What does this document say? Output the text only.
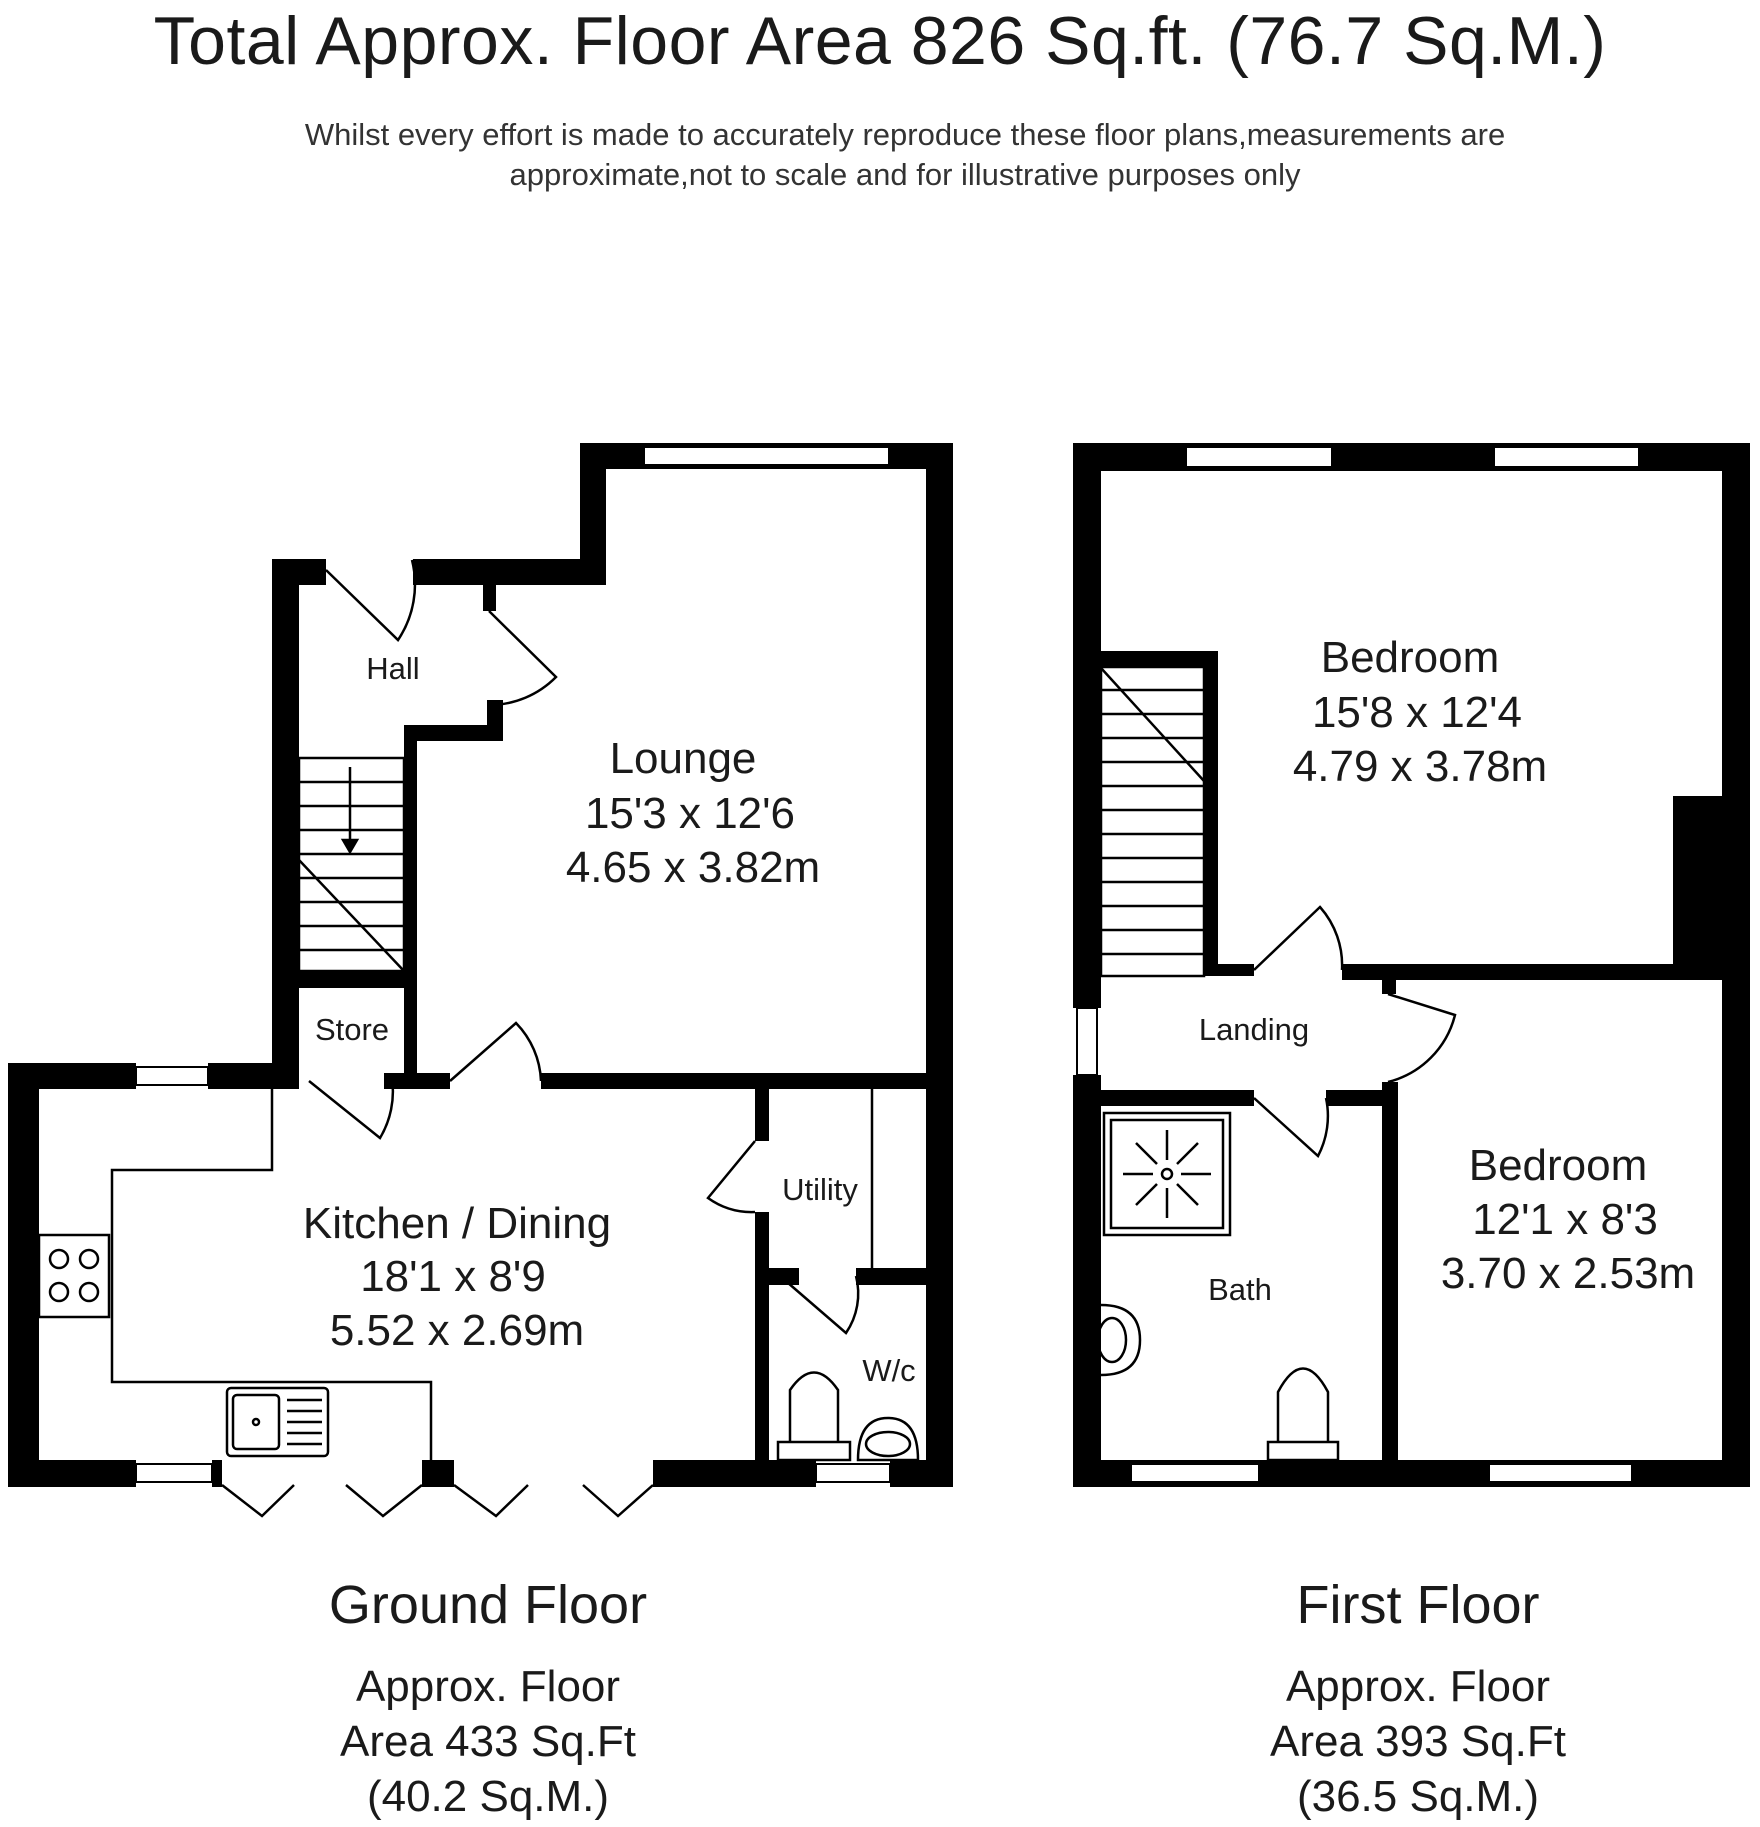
Total Approx. Floor Area 826 Sq.ft. (76.7 Sq.M.)
Whilst every effort is made to accurately reproduce these floor plans,measurements are
approximate,not to scale and for illustrative purposes only
Hall
Lounge
15'3 x 12'6
4.65 x 3.82m
Store
Kitchen / Dining
18'1 x 8'9
5.52 x 2.69m
Utility
W/c
Bedroom
15'8 x 12'4
4.79 x 3.78m
Landing
Bath
Bedroom
12'1 x 8'3
3.70 x 2.53m
Ground Floor
Approx. Floor
Area 433 Sq.Ft
(40.2 Sq.M.)
First Floor
Approx. Floor
Area 393 Sq.Ft
(36.5 Sq.M.)
